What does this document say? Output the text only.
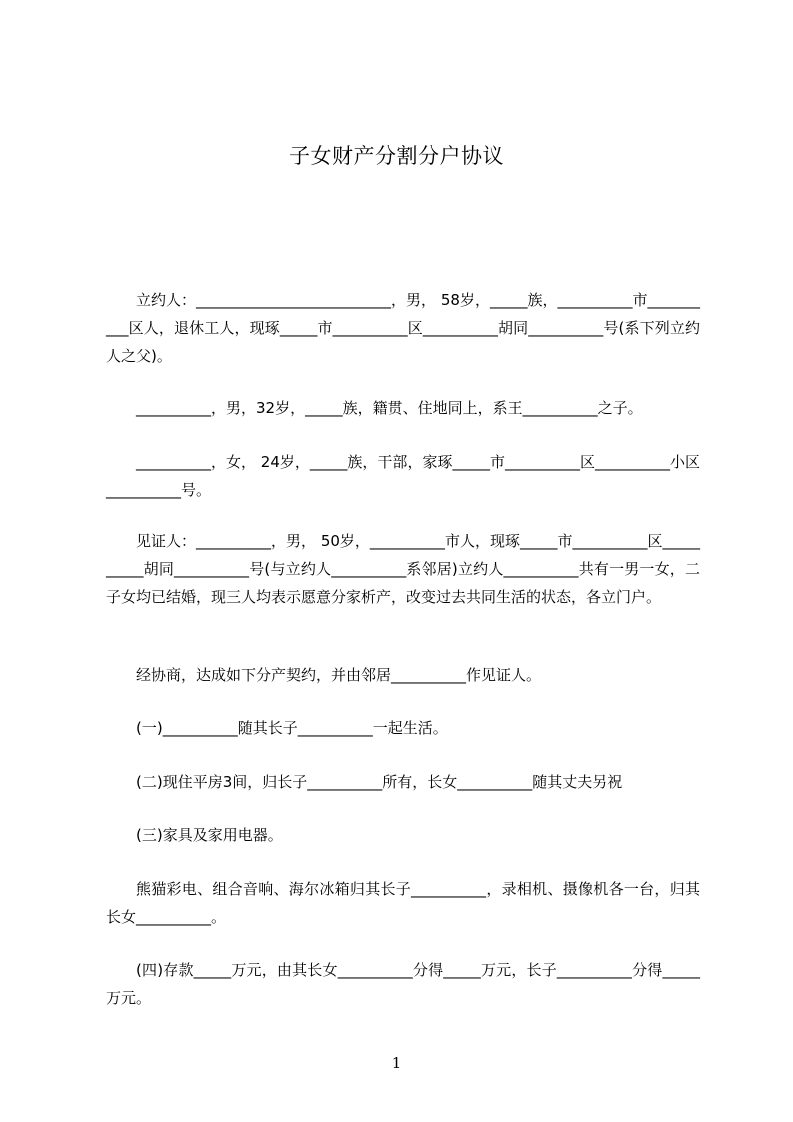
子女财产分割分户协议
立约人：__________________________，男， 58岁，_____族，__________市__________区人，退休工人，现琢_____市__________区__________胡同__________号(系下列立约人之父)。
__________，男，32岁，_____族，籍贯、住地同上，系王__________之子。
__________，女， 24岁，_____族，干部，家琢_____市__________区__________小区__________号。
见证人：__________，男， 50岁，__________市人，现琢_____市__________区__________胡同__________号(与立约人__________系邻居)立约人__________共有一男一女，二子女均已结婚，现三人均表示愿意分家析产，改变过去共同生活的状态，各立门户。
经协商，达成如下分产契约，并由邻居__________作见证人。
(一)__________随其长子__________一起生活。
(二)现住平房3间，归长子__________所有，长女__________随其丈夫另祝
(三)家具及家用电器。
熊猫彩电、组合音响、海尔冰箱归其长子__________，录相机、摄像机各一台，归其长女__________。
(四)存款_____万元，由其长女__________分得_____万元，长子__________分得_____万元。
1
